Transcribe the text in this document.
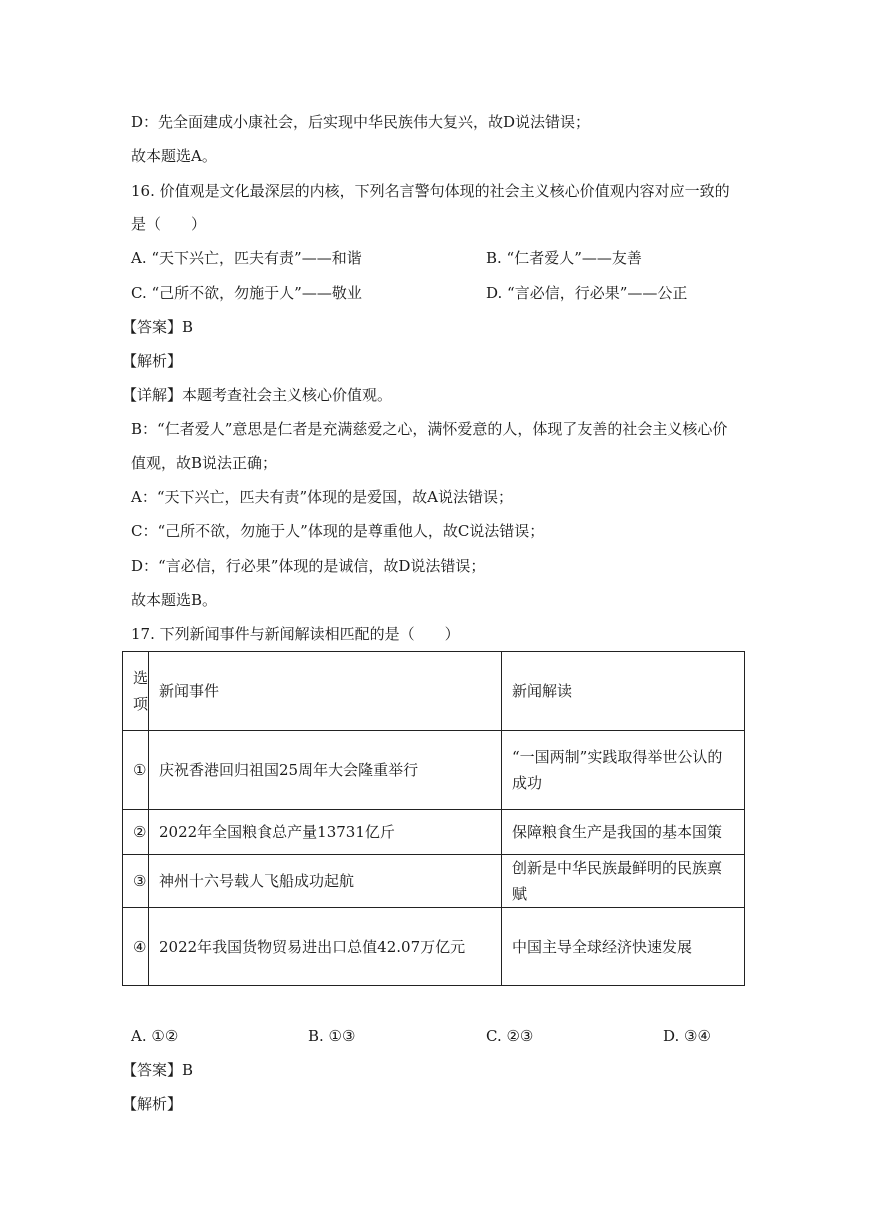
D：先全面建成小康社会，后实现中华民族伟大复兴，故D说法错误；
故本题选A。
16. 价值观是文化最深层的内核，下列名言警句体现的社会主义核心价值观内容对应一致的
是（　　）
A. “天下兴亡，匹夫有责”——和谐	B. “仁者爱人”——友善
C. “己所不欲，勿施于人”——敬业	D. “言必信，行必果”——公正
【答案】B
【解析】
【详解】本题考查社会主义核心价值观。
B：“仁者爱人”意思是仁者是充满慈爱之心，满怀爱意的人，体现了友善的社会主义核心价
值观，故B说法正确；
A：“天下兴亡，匹夫有责”体现的是爱国，故A说法错误；
C：“己所不欲，勿施于人”体现的是尊重他人，故C说法错误；
D：“言必信，行必果”体现的是诚信，故D说法错误；
故本题选B。
17. 下列新闻事件与新闻解读相匹配的是（　　）
选项	新闻事件	新闻解读
①	庆祝香港回归祖国25周年大会隆重举行	“一国两制”实践取得举世公认的成功
②	2022年全国粮食总产量13731亿斤	保障粮食生产是我国的基本国策
③	神州十六号载人飞船成功起航	创新是中华民族最鲜明的民族禀赋
④	2022年我国货物贸易进出口总值42.07万亿元	中国主导全球经济快速发展
A. ①②	B. ①③	C. ②③	D. ③④
【答案】B
【解析】
